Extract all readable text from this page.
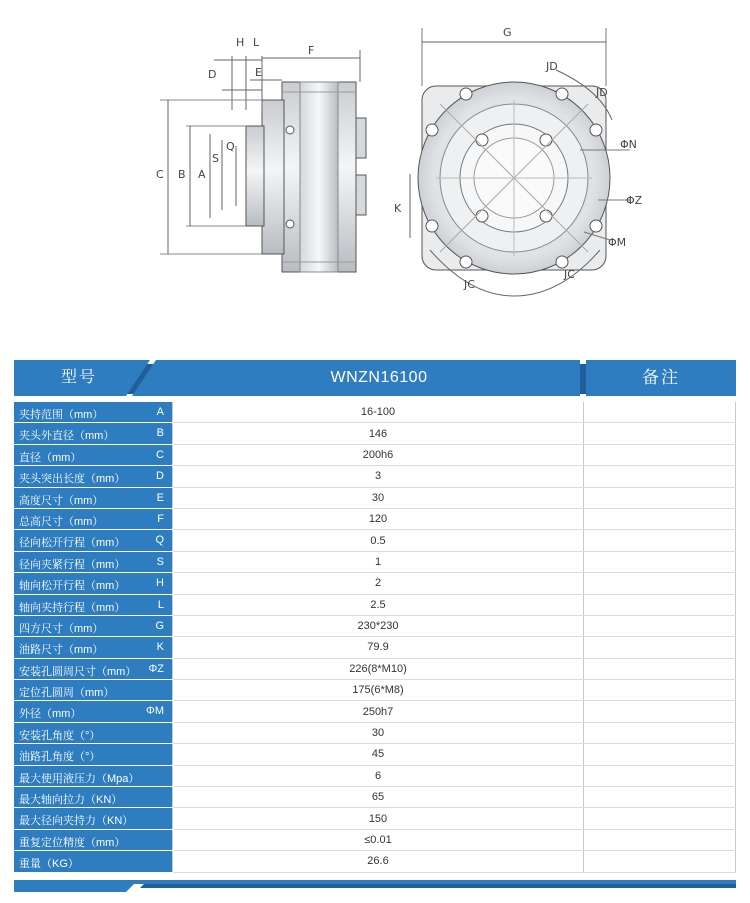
H L
F
D	E
C B A
S
Q
G
JD
JD
ΦN
ΦZ
K
ΦM
JC
JC
型号	WNZN16100	备注
夹持范围（mm） A	16-100	

夹头外直径（mm） B	146	

直径（mm） C	200h6	

夹头突出长度（mm） D	3	

高度尺寸（mm） E	30	

总高尺寸（mm） F	120	

径向松开行程（mm） Q	0.5	

径向夹紧行程（mm） S	1	

轴向松开行程（mm） H	2	

轴向夹持行程（mm） L	2.5	

四方尺寸（mm） G	230*230	

油路尺寸（mm） K	79.9	

安装孔圆周尺寸（mm） ΦZ	226(8*M10)	

定位孔圆周（mm）	175(6*M8)	

外径（mm） ΦM	250h7	

安装孔角度（°）	30	

油路孔角度（°）	45	

最大使用液压力（Mpa）	6	

最大轴向拉力（KN）	65	

最大径向夹持力（KN）	150	

重复定位精度（mm）	≤0.01	

重量（KG）	26.6	
